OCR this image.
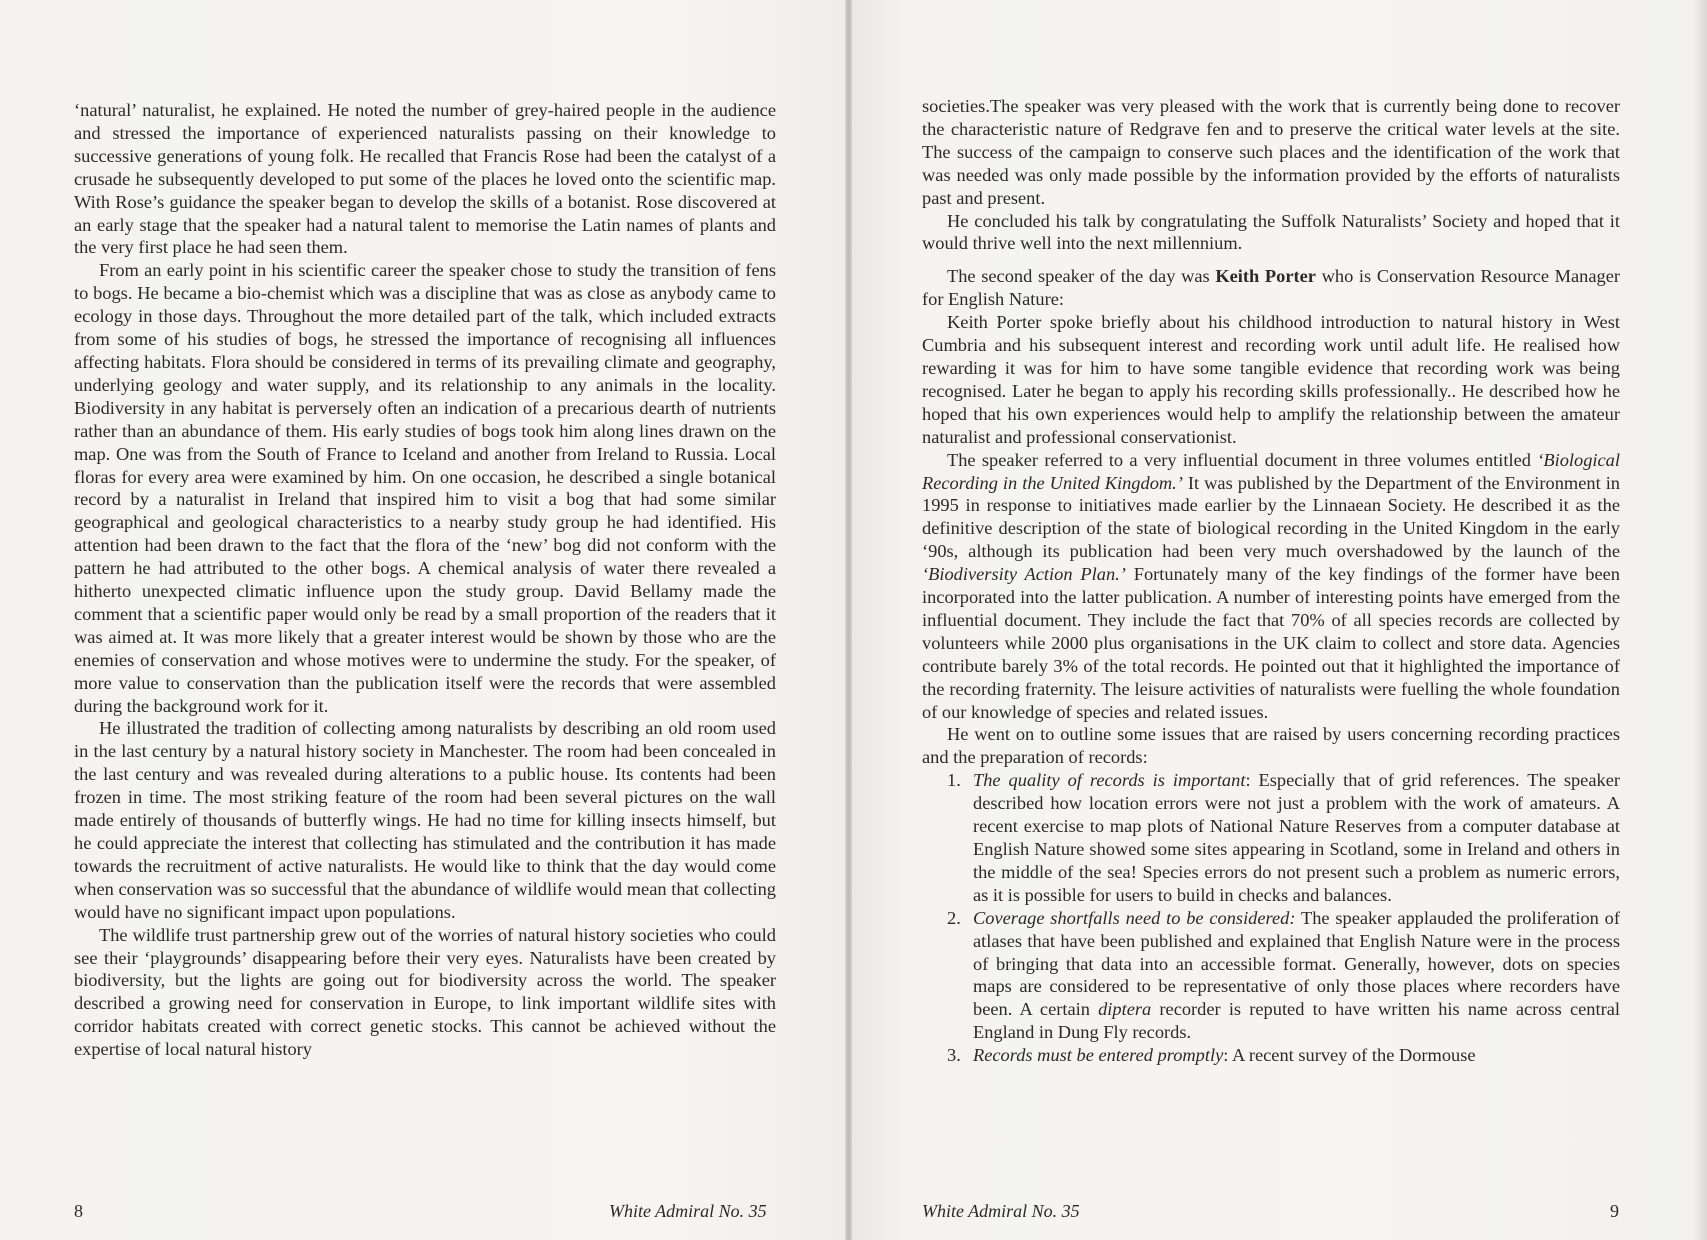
‘natural’ naturalist, he explained. He noted the number of grey-haired people in the audience and stressed the importance of experienced naturalists passing on their knowledge to successive generations of young folk. He recalled that Francis Rose had been the catalyst of a crusade he subsequently developed to put some of the places he loved onto the scientific map. With Rose’s guidance the speaker began to develop the skills of a botanist. Rose discovered at an early stage that the speaker had a natural talent to memorise the Latin names of plants and the very first place he had seen them.

From an early point in his scientific career the speaker chose to study the transition of fens to bogs. He became a bio-chemist which was a discipline that was as close as anybody came to ecology in those days. Throughout the more detailed part of the talk, which included extracts from some of his studies of bogs, he stressed the importance of recognising all influences affecting habitats. Flora should be considered in terms of its prevailing climate and geography, underlying geology and water supply, and its relationship to any animals in the locality. Biodiversity in any habitat is perversely often an indication of a precarious dearth of nutrients rather than an abundance of them. His early studies of bogs took him along lines drawn on the map. One was from the South of France to Iceland and another from Ireland to Russia. Local floras for every area were examined by him. On one occasion, he described a single botanical record by a naturalist in Ireland that inspired him to visit a bog that had some similar geographical and geological characteristics to a nearby study group he had identified. His attention had been drawn to the fact that the flora of the ‘new’ bog did not conform with the pattern he had attributed to the other bogs. A chemical analysis of water there revealed a hitherto unexpected climatic influence upon the study group. David Bellamy made the comment that a scientific paper would only be read by a small proportion of the readers that it was aimed at. It was more likely that a greater interest would be shown by those who are the enemies of conservation and whose motives were to undermine the study. For the speaker, of more value to conservation than the publication itself were the records that were assembled during the background work for it.

He illustrated the tradition of collecting among naturalists by describing an old room used in the last century by a natural history society in Manchester. The room had been concealed in the last century and was revealed during alterations to a public house. Its contents had been frozen in time. The most striking feature of the room had been several pictures on the wall made entirely of thousands of butterfly wings. He had no time for killing insects himself, but he could appreciate the interest that collecting has stimulated and the contribution it has made towards the recruitment of active naturalists. He would like to think that the day would come when conservation was so successful that the abundance of wildlife would mean that collecting would have no significant impact upon populations.

The wildlife trust partnership grew out of the worries of natural history societies who could see their ‘playgrounds’ disappearing before their very eyes. Naturalists have been created by biodiversity, but the lights are going out for biodiversity across the world. The speaker described a growing need for conservation in Europe, to link important wildlife sites with corridor habitats created with correct genetic stocks. This cannot be achieved without the expertise of local natural history

8	White Admiral No. 35

societies.The speaker was very pleased with the work that is currently being done to recover the characteristic nature of Redgrave fen and to preserve the critical water levels at the site. The success of the campaign to conserve such places and the identification of the work that was needed was only made possible by the information provided by the efforts of naturalists past and present.

He concluded his talk by congratulating the Suffolk Naturalists’ Society and hoped that it would thrive well into the next millennium.

The second speaker of the day was Keith Porter who is Conservation Resource Manager for English Nature:

Keith Porter spoke briefly about his childhood introduction to natural history in West Cumbria and his subsequent interest and recording work until adult life. He realised how rewarding it was for him to have some tangible evidence that recording work was being recognised. Later he began to apply his recording skills professionally.. He described how he hoped that his own experiences would help to amplify the relationship between the amateur naturalist and professional conservationist.

The speaker referred to a very influential document in three volumes entitled ‘Biological Recording in the United Kingdom.’ It was published by the Department of the Environment in 1995 in response to initiatives made earlier by the Linnaean Society. He described it as the definitive description of the state of biological recording in the United Kingdom in the early ‘90s, although its publication had been very much overshadowed by the launch of the ‘Biodiversity Action Plan.’ Fortunately many of the key findings of the former have been incorporated into the latter publication. A number of interesting points have emerged from the influential document. They include the fact that 70% of all species records are collected by volunteers while 2000 plus organisations in the UK claim to collect and store data. Agencies contribute barely 3% of the total records. He pointed out that it highlighted the importance of the recording fraternity. The leisure activities of naturalists were fuelling the whole foundation of our knowledge of species and related issues.

He went on to outline some issues that are raised by users concerning recording practices and the preparation of records:

1. The quality of records is important: Especially that of grid references. The speaker described how location errors were not just a problem with the work of amateurs. A recent exercise to map plots of National Nature Reserves from a computer database at English Nature showed some sites appearing in Scotland, some in Ireland and others in the middle of the sea! Species errors do not present such a problem as numeric errors, as it is possible for users to build in checks and balances.
2. Coverage shortfalls need to be considered: The speaker applauded the proliferation of atlases that have been published and explained that English Nature were in the process of bringing that data into an accessible format. Generally, however, dots on species maps are considered to be representative of only those places where recorders have been. A certain diptera recorder is reputed to have written his name across central England in Dung Fly records.
3. Records must be entered promptly: A recent survey of the Dormouse
White Admiral No. 35	9
